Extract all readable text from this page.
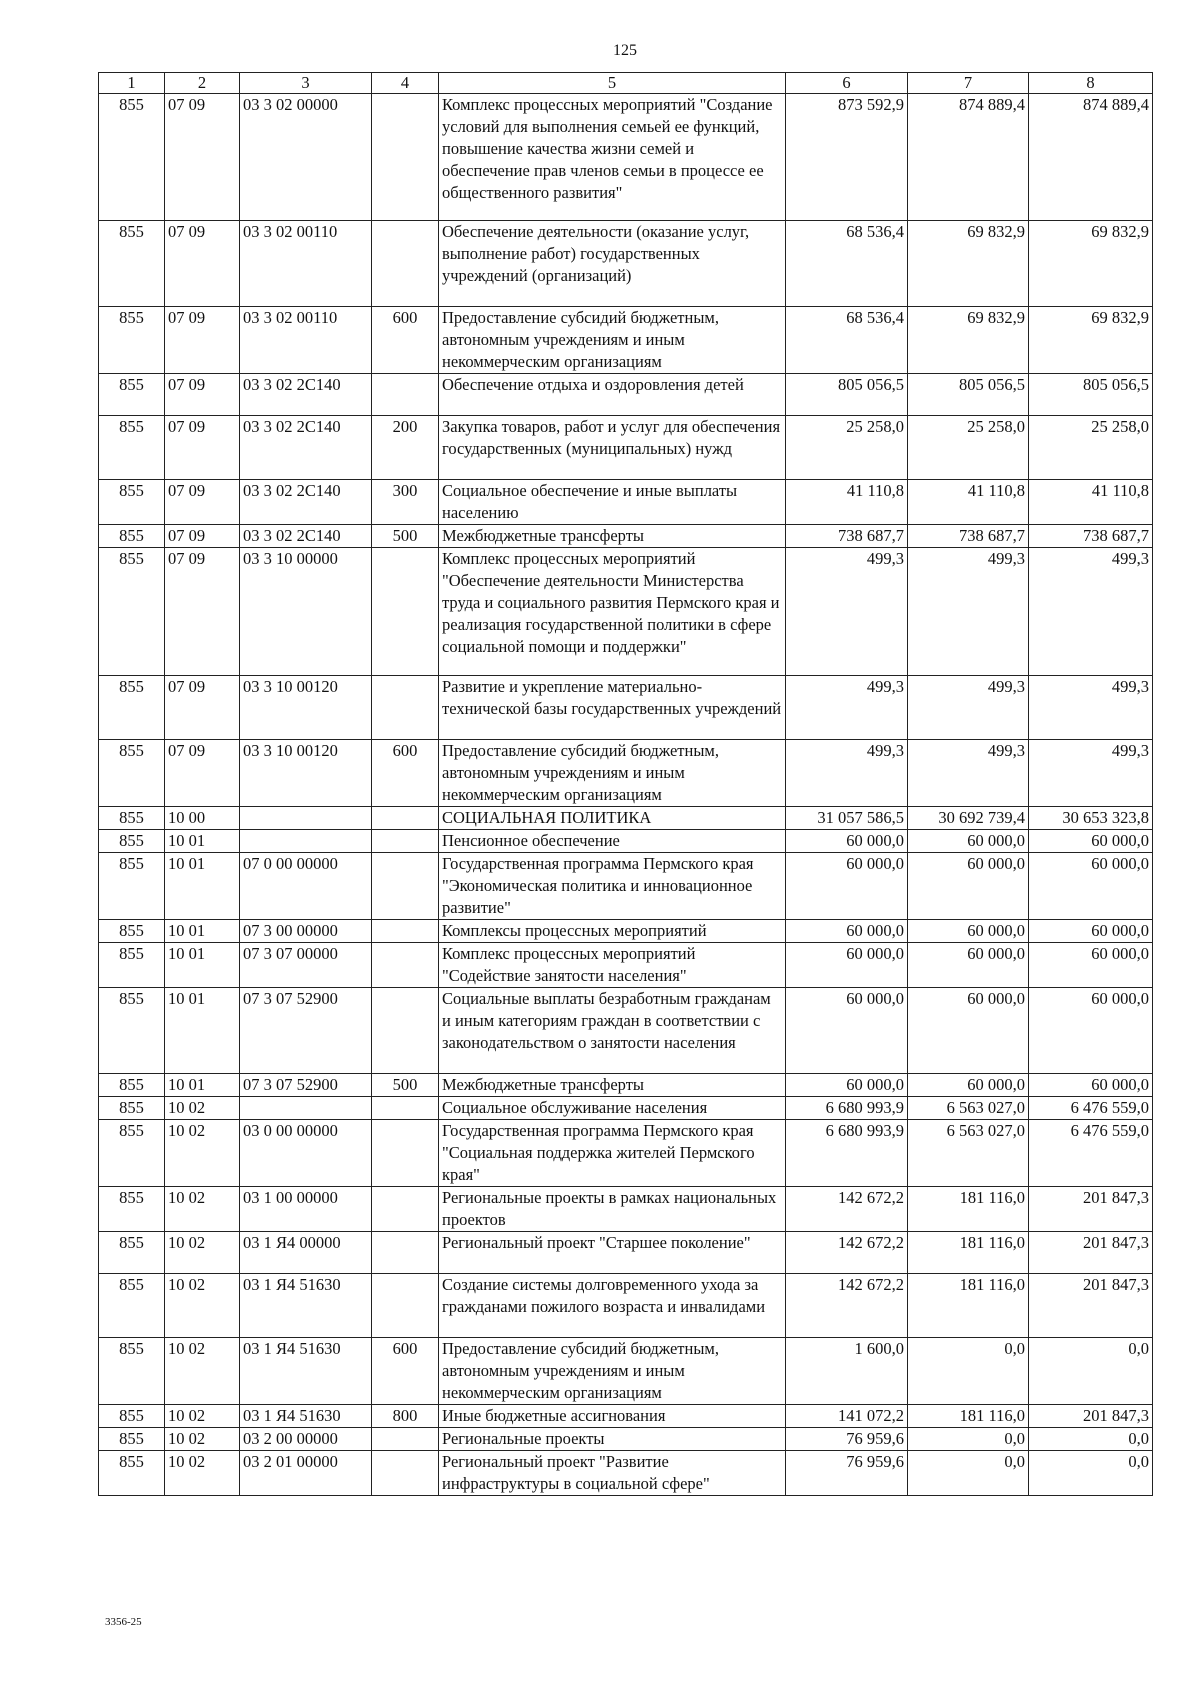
125
1	2	3	4	5	6	7	8
855	07 09	03 3 02 00000		Комплекс процессных мероприятий "Создание условий для выполнения семьей ее функций, повышение качества жизни семей и обеспечение прав членов семьи в процессе ее общественного развития"	873 592,9	874 889,4	874 889,4
855	07 09	03 3 02 00110		Обеспечение деятельности (оказание услуг, выполнение работ) государственных учреждений (организаций)	68 536,4	69 832,9	69 832,9
855	07 09	03 3 02 00110	600	Предоставление субсидий бюджетным, автономным учреждениям и иным некоммерческим организациям	68 536,4	69 832,9	69 832,9
855	07 09	03 3 02 2С140		Обеспечение отдыха и оздоровления детей	805 056,5	805 056,5	805 056,5
855	07 09	03 3 02 2С140	200	Закупка товаров, работ и услуг для обеспечения государственных (муниципальных) нужд	25 258,0	25 258,0	25 258,0
855	07 09	03 3 02 2С140	300	Социальное обеспечение и иные выплаты населению	41 110,8	41 110,8	41 110,8
855	07 09	03 3 02 2С140	500	Межбюджетные трансферты	738 687,7	738 687,7	738 687,7
855	07 09	03 3 10 00000		Комплекс процессных мероприятий "Обеспечение деятельности Министерства труда и социального развития Пермского края и реализация государственной политики в сфере социальной помощи и поддержки"	499,3	499,3	499,3
855	07 09	03 3 10 00120		Развитие и укрепление материально-технической базы государственных учреждений	499,3	499,3	499,3
855	07 09	03 3 10 00120	600	Предоставление субсидий бюджетным, автономным учреждениям и иным некоммерческим организациям	499,3	499,3	499,3
855	10 00			СОЦИАЛЬНАЯ ПОЛИТИКА	31 057 586,5	30 692 739,4	30 653 323,8
855	10 01			Пенсионное обеспечение	60 000,0	60 000,0	60 000,0
855	10 01	07 0 00 00000		Государственная программа Пермского края "Экономическая политика и инновационное развитие"	60 000,0	60 000,0	60 000,0
855	10 01	07 3 00 00000		Комплексы процессных мероприятий	60 000,0	60 000,0	60 000,0
855	10 01	07 3 07 00000		Комплекс процессных мероприятий "Содействие занятости населения"	60 000,0	60 000,0	60 000,0
855	10 01	07 3 07 52900		Социальные выплаты безработным гражданам и иным категориям граждан в соответствии с законодательством о занятости населения	60 000,0	60 000,0	60 000,0
855	10 01	07 3 07 52900	500	Межбюджетные трансферты	60 000,0	60 000,0	60 000,0
855	10 02			Социальное обслуживание населения	6 680 993,9	6 563 027,0	6 476 559,0
855	10 02	03 0 00 00000		Государственная программа Пермского края "Социальная поддержка жителей Пермского края"	6 680 993,9	6 563 027,0	6 476 559,0
855	10 02	03 1 00 00000		Региональные проекты в рамках национальных проектов	142 672,2	181 116,0	201 847,3
855	10 02	03 1 Я4 00000		Региональный проект "Старшее поколение"	142 672,2	181 116,0	201 847,3
855	10 02	03 1 Я4 51630		Создание системы долговременного ухода за гражданами пожилого возраста и инвалидами	142 672,2	181 116,0	201 847,3
855	10 02	03 1 Я4 51630	600	Предоставление субсидий бюджетным, автономным учреждениям и иным некоммерческим организациям	1 600,0	0,0	0,0
855	10 02	03 1 Я4 51630	800	Иные бюджетные ассигнования	141 072,2	181 116,0	201 847,3
855	10 02	03 2 00 00000		Региональные проекты	76 959,6	0,0	0,0
855	10 02	03 2 01 00000		Региональный проект "Развитие инфраструктуры в социальной сфере"	76 959,6	0,0	0,0
3356-25
